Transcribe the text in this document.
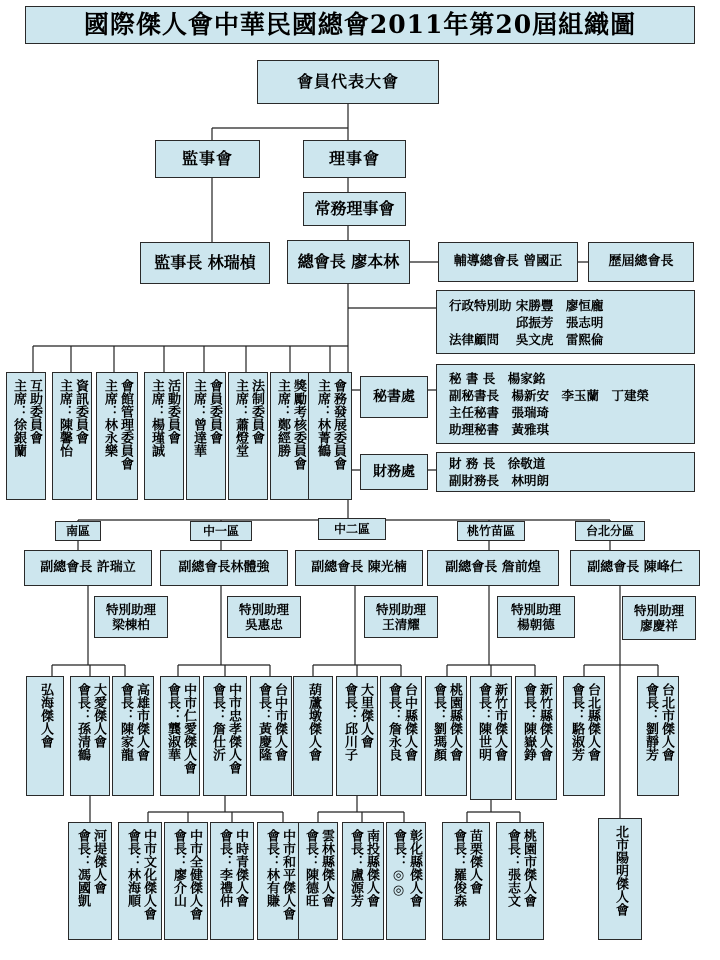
國際傑人會中華民國總會2011年第20屆組織圖
會員代表大會
監事會	理事會
常務理事會
監事長 林瑞楨	總會長 廖本林	輔導總會長 曾國正	歷屆總會長
行政特別助 宋勝豐　廖恒龐
　　　　　 邱振芳　張志明
法律顧問　 吳文虎　雷熙倫
互助委員會
主席：徐銀蘭	資訊委員會
主席：陳馨怡	會館管理委員會
主席：林永樂	活動委員會
主席：楊瑾誠	會員委員會
主席：曾達華	法制委員會
主席：蕭燈堂	獎勵考核委員會
主席：鄭經勝	會務發展委員會
主席：林菁鶴	秘書處
秘 書 長　楊家銘
副秘書長　楊新安　李玉蘭　丁建榮
主任秘書　張瑞琦
助理秘書　黃雅琪
財務處
財 務 長　徐敬道
副財務長　林明朗
南區	中一區	中二區	桃竹苗區	台北分區
副總會長 許瑞立	副總會長林體強	副總會長 陳光楠	副總會長 詹前煌	副總會長 陳峰仁
特別助理
梁棟柏
特別助理
吳惠忠
特別助理
王清耀
特別助理
楊朝德
特別助理
廖慶祥
弘海傑人會	大愛傑人會
會長：孫清鶴	高雄市傑人會
會長：陳家龍	中市仁愛傑人會
會長：龔淑華	中市忠孝傑人會
會長：詹仕沂	台中市傑人會
會長：黃慶隆	葫蘆墩傑人會	大里傑人會
會長：邱川子	台中縣傑人會
會長：詹永良	桃園縣傑人會
會長：劉瑪顏	新竹市傑人會
會長：陳世明	新竹縣傑人會
會長：陳嶽錚	台北縣傑人會
會長：駱淑芳	台北市傑人會
會長：劉靜芳
河堤傑人會
會長：馮國凱	中市文化傑人會
會長：林海順	中市全健傑人會
會長：廖介山	中時青傑人會
會長：李禮仲	中市和平傑人會
會長：林有賺	雲林縣傑人會
會長：陳德旺	南投縣傑人會
會長：盧源芳	彰化縣傑人會
會長：◎◎	苗栗傑人會
會長：羅俊森	桃園市傑人會
會長：張志文	北市陽明傑人會
